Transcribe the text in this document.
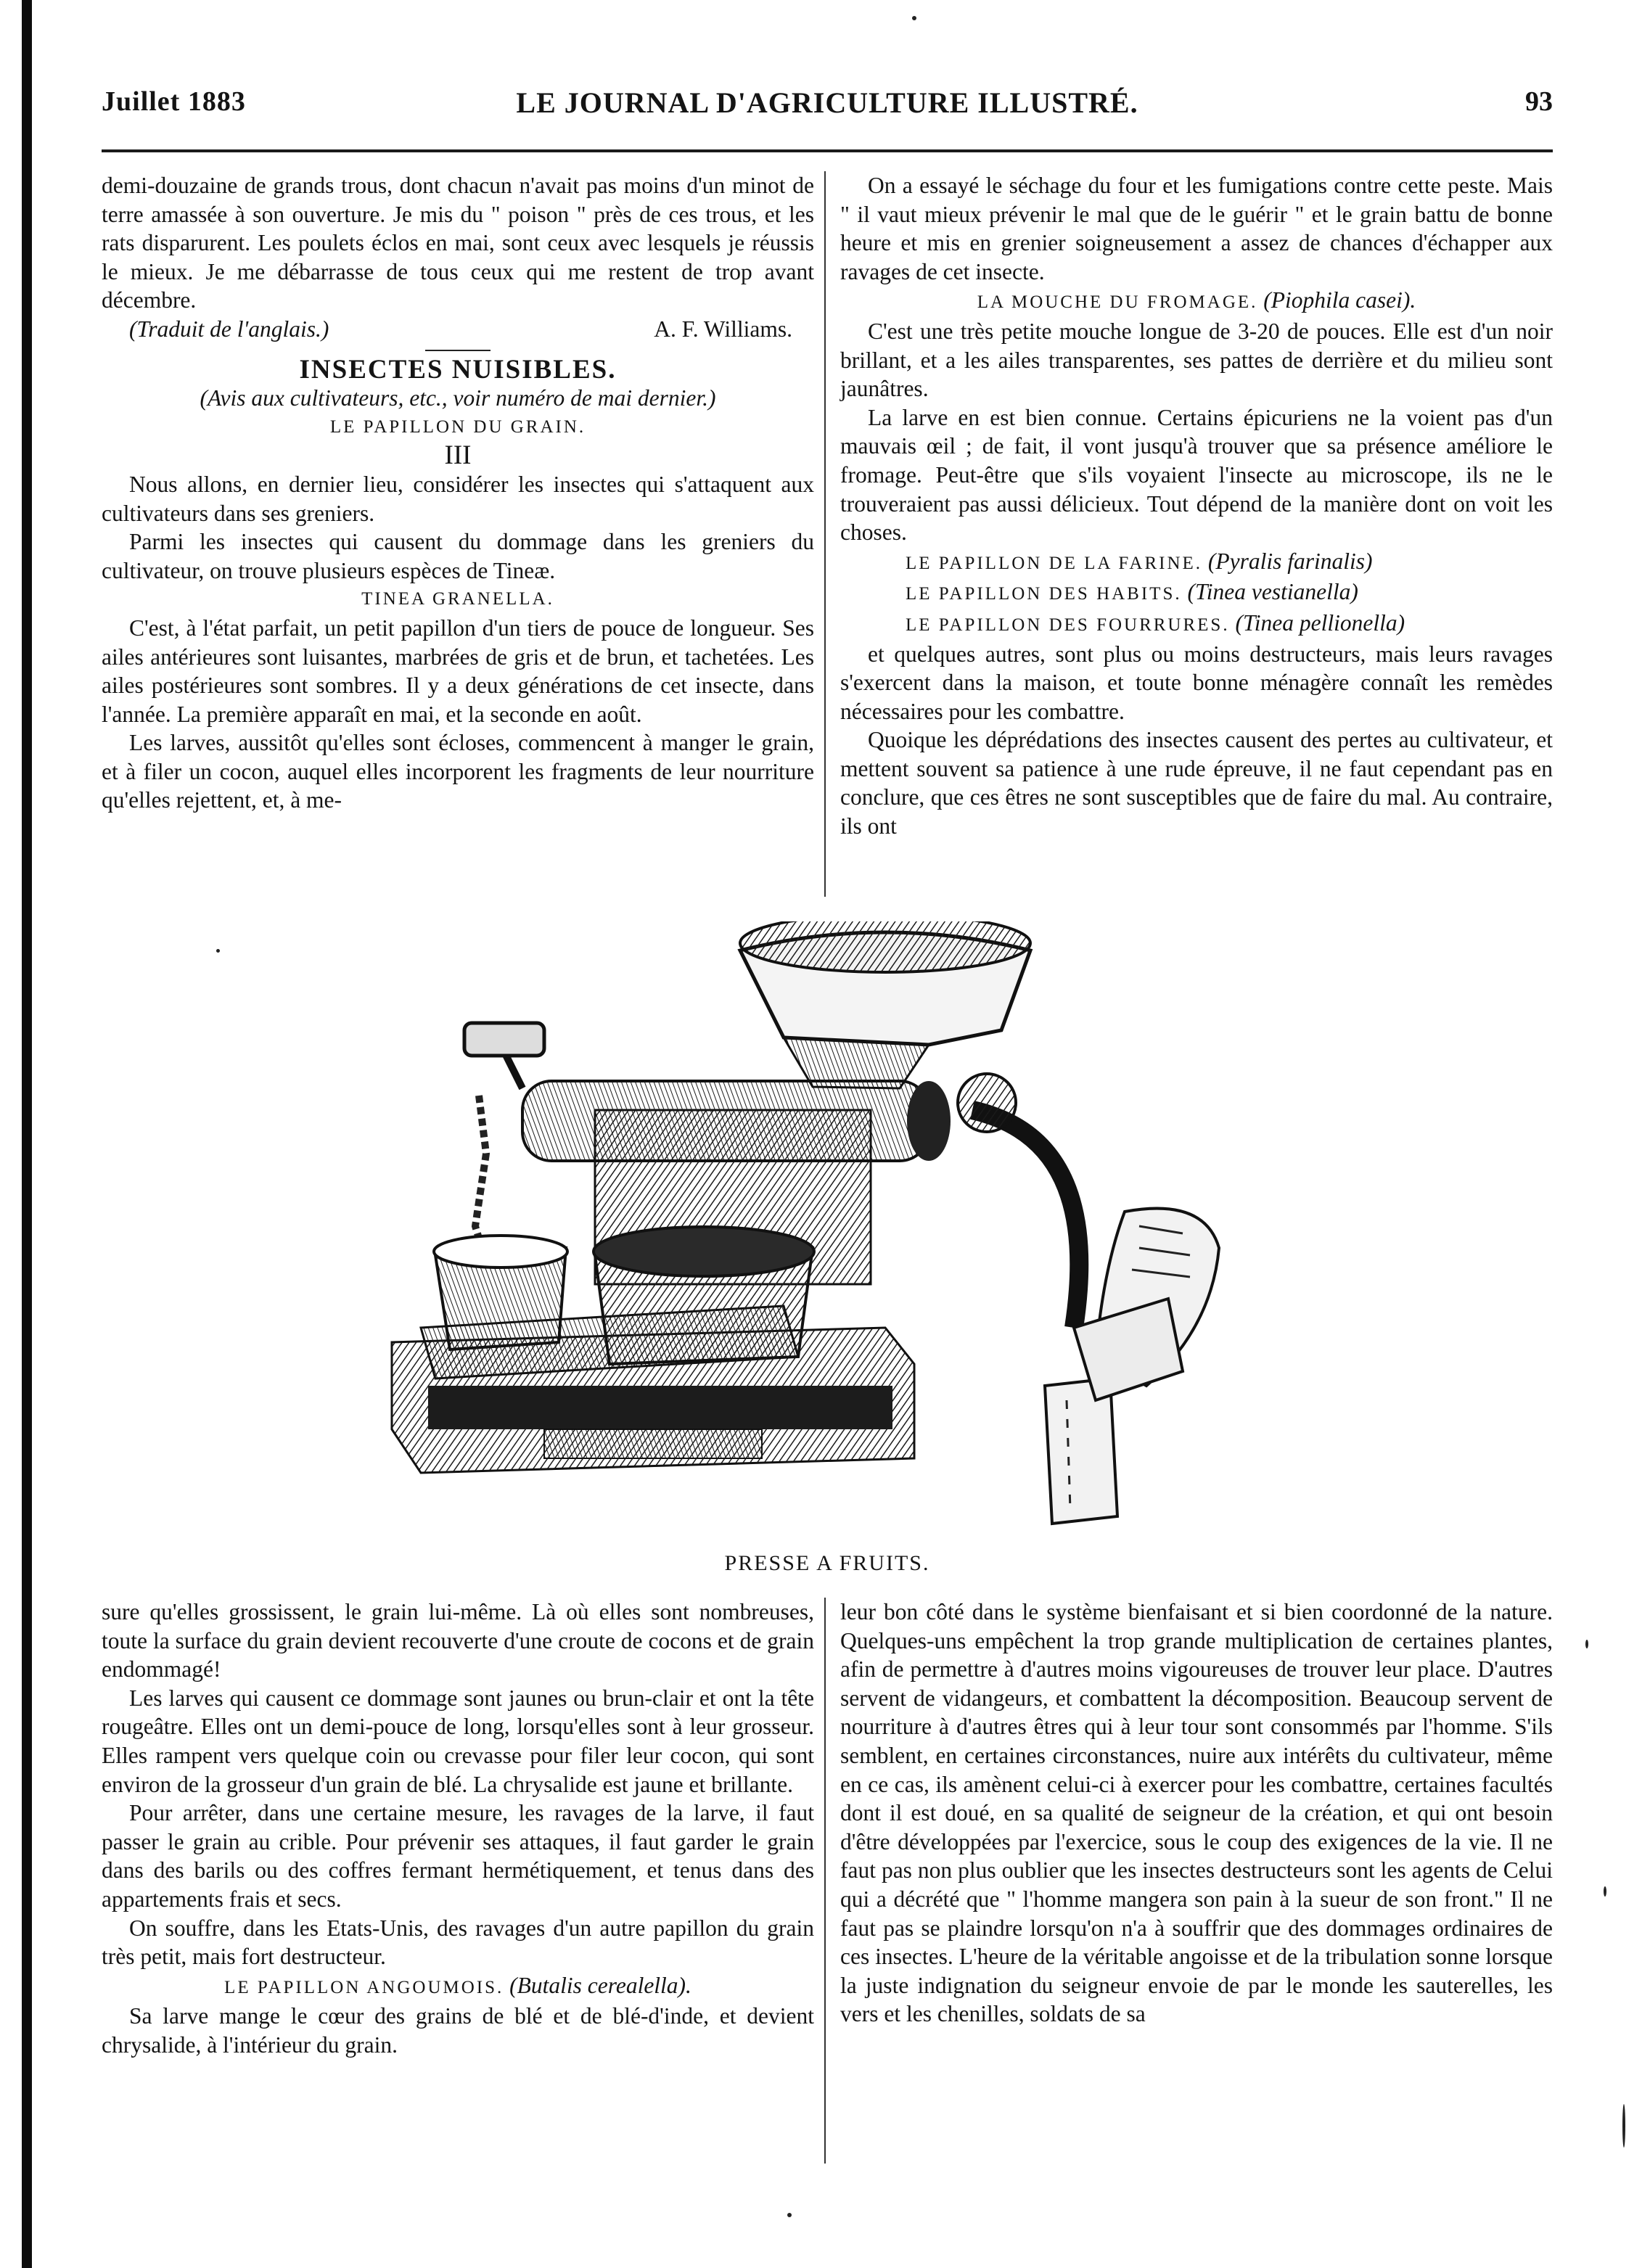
Juillet 1883	LE JOURNAL D'AGRICULTURE ILLUSTRÉ.	93

demi-douzaine de grands trous, dont chacun n'avait pas moins d'un minot de terre amassée à son ouverture. Je mis du " poison " près de ces trous, et les rats disparurent. Les poulets éclos en mai, sont ceux avec lesquels je réussis le mieux. Je me débarrasse de tous ceux qui me restent de trop avant décembre.

(Traduit de l'anglais.)	A. F. Williams.
INSECTES NUISIBLES.
(Avis aux cultivateurs, etc., voir numéro de mai dernier.)
LE PAPILLON DU GRAIN.
III

Nous allons, en dernier lieu, considérer les insectes qui s'attaquent aux cultivateurs dans ses greniers.

Parmi les insectes qui causent du dommage dans les greniers du cultivateur, on trouve plusieurs espèces de Tineæ.

TINEA GRANELLA.

C'est, à l'état parfait, un petit papillon d'un tiers de pouce de longueur. Ses ailes antérieures sont luisantes, marbrées de gris et de brun, et tachetées. Les ailes postérieures sont sombres. Il y a deux générations de cet insecte, dans l'année. La première apparaît en mai, et la seconde en août.

Les larves, aussitôt qu'elles sont écloses, commencent à manger le grain, et à filer un cocon, auquel elles incorporent les fragments de leur nourriture qu'elles rejettent, et, à me-

On a essayé le séchage du four et les fumigations contre cette peste. Mais " il vaut mieux prévenir le mal que de le guérir " et le grain battu de bonne heure et mis en grenier soigneusement a assez de chances d'échapper aux ravages de cet insecte.

LA MOUCHE DU FROMAGE. (Piophila casei).

C'est une très petite mouche longue de 3-20 de pouces. Elle est d'un noir brillant, et a les ailes transparentes, ses pattes de derrière et du milieu sont jaunâtres.

La larve en est bien connue. Certains épicuriens ne la voient pas d'un mauvais œil ; de fait, il vont jusqu'à trouver que sa présence améliore le fromage. Peut-être que s'ils voyaient l'insecte au microscope, ils ne le trouveraient pas aussi délicieux. Tout dépend de la manière dont on voit les choses.

LE PAPILLON DE LA FARINE. (Pyralis farinalis)
LE PAPILLON DES HABITS. (Tinea vestianella)
LE PAPILLON DES FOURRURES. (Tinea pellionella)

et quelques autres, sont plus ou moins destructeurs, mais leurs ravages s'exercent dans la maison, et toute bonne ménagère connaît les remèdes nécessaires pour les combattre.

Quoique les déprédations des insectes causent des pertes au cultivateur, et mettent souvent sa patience à une rude épreuve, il ne faut cependant pas en conclure, que ces êtres ne sont susceptibles que de faire du mal. Au contraire, ils ont

PRESSE A FRUITS.

sure qu'elles grossissent, le grain lui-même. Là où elles sont nombreuses, toute la surface du grain devient recouverte d'une croute de cocons et de grain endommagé!

Les larves qui causent ce dommage sont jaunes ou brun-clair et ont la tête rougeâtre. Elles ont un demi-pouce de long, lorsqu'elles sont à leur grosseur. Elles rampent vers quelque coin ou crevasse pour filer leur cocon, qui sont environ de la grosseur d'un grain de blé. La chrysalide est jaune et brillante.

Pour arrêter, dans une certaine mesure, les ravages de la larve, il faut passer le grain au crible. Pour prévenir ses attaques, il faut garder le grain dans des barils ou des coffres fermant hermétiquement, et tenus dans des appartements frais et secs.

On souffre, dans les Etats-Unis, des ravages d'un autre papillon du grain très petit, mais fort destructeur.

LE PAPILLON ANGOUMOIS. (Butalis cerealella).

Sa larve mange le cœur des grains de blé et de blé-d'inde, et devient chrysalide, à l'intérieur du grain.

leur bon côté dans le système bienfaisant et si bien coordonné de la nature. Quelques-uns empêchent la trop grande multiplication de certaines plantes, afin de permettre à d'autres moins vigoureuses de trouver leur place. D'autres servent de vidangeurs, et combattent la décomposition. Beaucoup servent de nourriture à d'autres êtres qui à leur tour sont consommés par l'homme. S'ils semblent, en certaines circonstances, nuire aux intérêts du cultivateur, même en ce cas, ils amènent celui-ci à exercer pour les combattre, certaines facultés dont il est doué, en sa qualité de seigneur de la création, et qui ont besoin d'être développées par l'exercice, sous le coup des exigences de la vie. Il ne faut pas non plus oublier que les insectes destructeurs sont les agents de Celui qui a décrété que " l'homme mangera son pain à la sueur de son front." Il ne faut pas se plaindre lorsqu'on n'a à souffrir que des dommages ordinaires de ces insectes. L'heure de la véritable angoisse et de la tribulation sonne lorsque la juste indignation du seigneur envoie de par le monde les sauterelles, les vers et les chenilles, soldats de sa
